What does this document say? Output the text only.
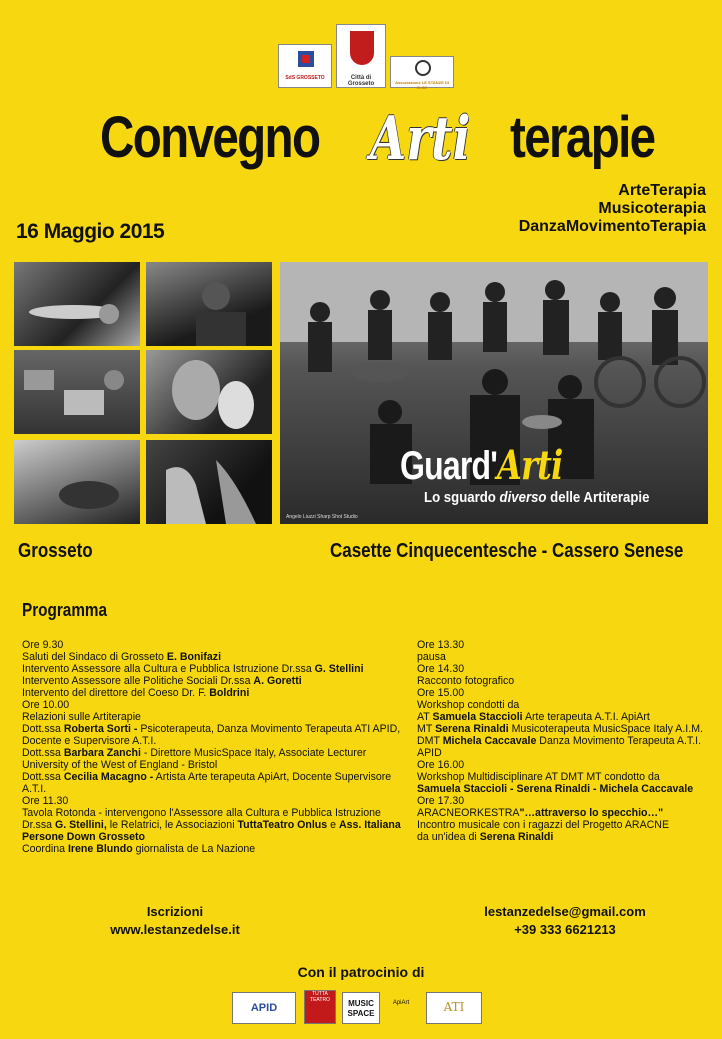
SdS GROSSETO	Città di Grosseto	Associazione LE STANZE DI ELSE
Convegno Arti terapie
ArteTerapia
Musicoterapia
DanzaMovimentoTerapia
16 Maggio 2015
Guard'Arti
Lo sguardo diverso delle Artiterapie
Angelo Liuzzi Sharp Shot Studio
Grosseto	Casette Cinquecentesche - Cassero Senese
Programma
Ore 9.30
Saluti del Sindaco di Grosseto E. Bonifazi
Intervento Assessore alla Cultura e Pubblica Istruzione Dr.ssa G. Stellini
Intervento Assessore alle Politiche Sociali Dr.ssa A. Goretti
Intervento del direttore del Coeso Dr. F. Boldrini
Ore 10.00
Relazioni sulle Artiterapie
Dott.ssa Roberta Sorti - Psicoterapeuta, Danza Movimento Terapeuta ATI APID, Docente e Supervisore A.T.I.
Dott.ssa Barbara Zanchi - Direttore MusicSpace Italy, Associate Lecturer University of the West of England - Bristol
Dott.ssa Cecilia Macagno - Artista Arte terapeuta ApiArt, Docente Supervisore A.T.I.
Ore 11.30
Tavola Rotonda - intervengono l'Assessore alla Cultura e Pubblica Istruzione Dr.ssa G. Stellini, le Relatrici, le Associazioni TuttaTeatro Onlus e Ass. Italiana Persone Down Grosseto
Coordina Irene Blundo giornalista de La Nazione
Ore 13.30
pausa
Ore 14.30
Racconto fotografico
Ore 15.00
Workshop condotti da
AT Samuela Staccioli Arte terapeuta A.T.I. ApiArt
MT Serena Rinaldi Musicoterapeuta MusicSpace Italy A.I.M.
DMT Michela Caccavale Danza Movimento Terapeuta A.T.I. APID
Ore 16.00
Workshop Multidisciplinare AT DMT MT condotto da
Samuela Staccioli - Serena Rinaldi - Michela Caccavale
Ore 17.30
ARACNEORKESTRA"…attraverso lo specchio…"
Incontro musicale con i ragazzi del Progetto ARACNE
da un'idea di Serena Rinaldi
Iscrizioni
www.lestanzedelse.it
lestanzedelse@gmail.com
+39 333 6621213
Con il patrocinio di
APID
TUTTA TEATRO	MUSIC SPACE
ApiArt	ATI
